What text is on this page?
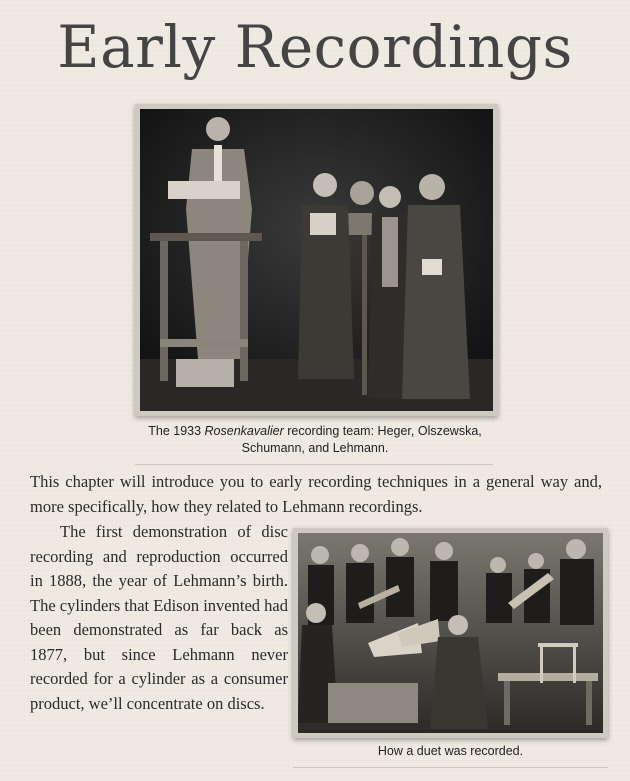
Early Recordings
The 1933 Rosenkavalier recording team: Heger, Olszewska,
Schumann, and Lehmann.
This chapter will introduce you to early recording techniques in a general way and, more specifically, how they related to Lehmann recordings.
The first demonstration of disc recording and reproduction occurred in 1888, the year of Lehmann’s birth. The cylinders that Edison invented had been demonstrated as far back as 1877, but since Lehmann never recorded for a cylinder as a consumer product, we’ll concentrate on discs.
How a duet was recorded.
